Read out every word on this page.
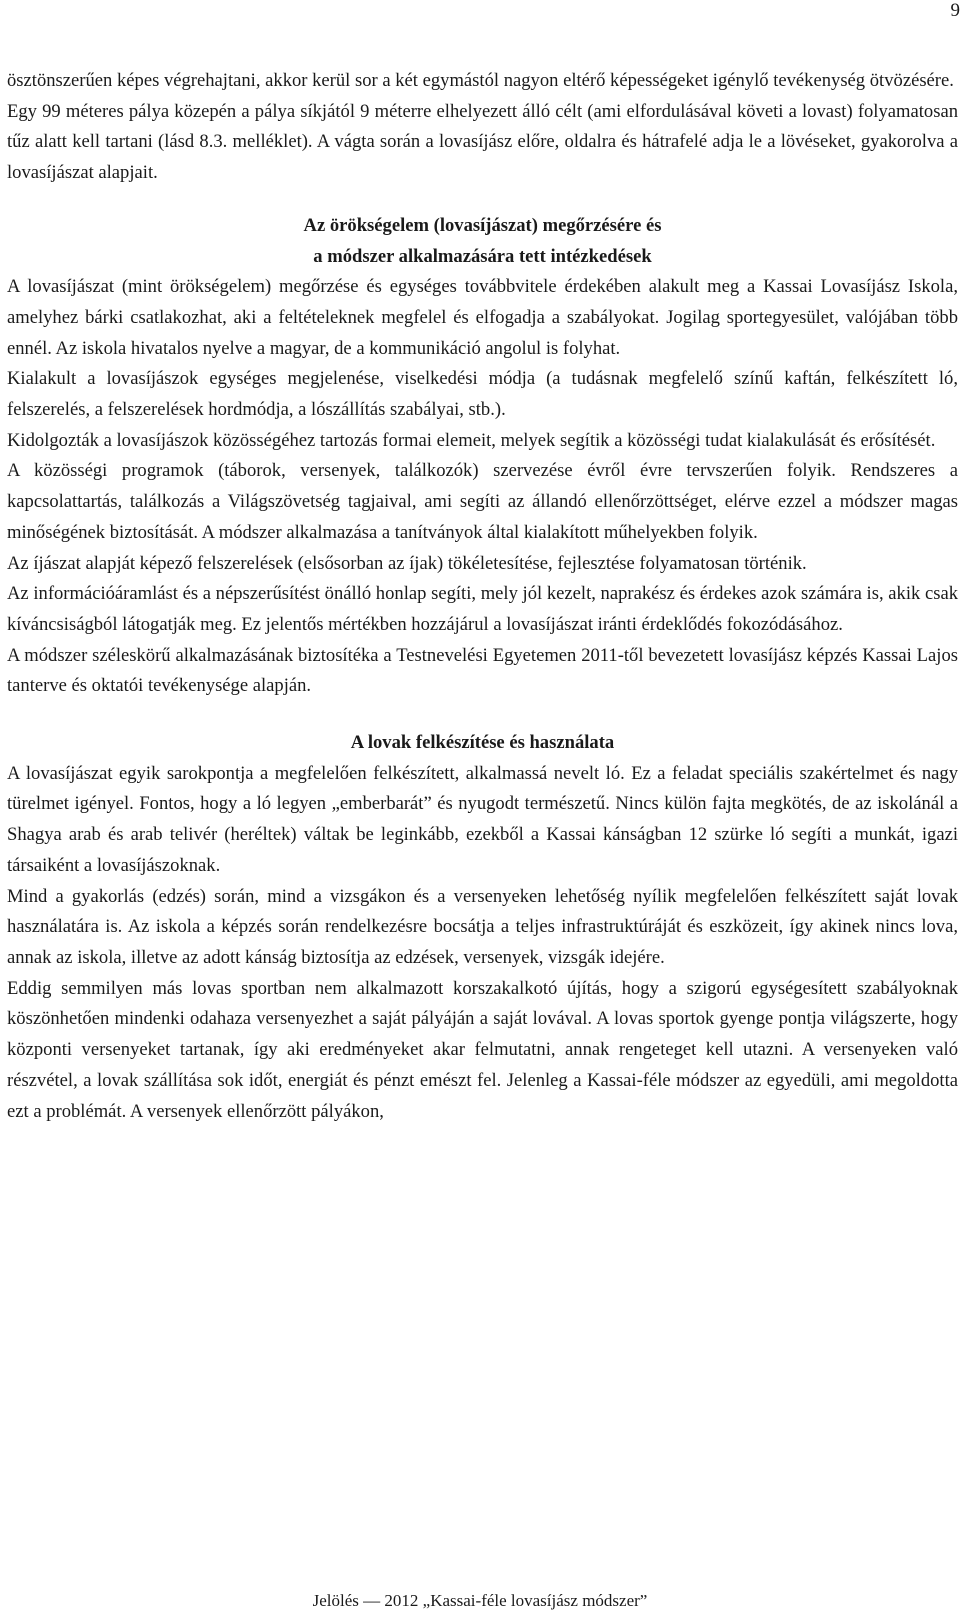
9

ösztönszerűen képes végrehajtani, akkor kerül sor a két egymástól nagyon eltérő képességeket igénylő tevékenység ötvözésére.

Egy 99 méteres pálya közepén a pálya síkjától 9 méterre elhelyezett álló célt (ami elfordulásával követi a lovast) folyamatosan tűz alatt kell tartani (lásd 8.3. melléklet). A vágta során a lovasíjász előre, oldalra és hátrafelé adja le a lövéseket, gyakorolva a lovasíjászat alapjait.

Az örökségelem (lovasíjászat) megőrzésére és
a módszer alkalmazására tett intézkedések

A lovasíjászat (mint örökségelem) megőrzése és egységes továbbvitele érdekében alakult meg a Kassai Lovasíjász Iskola, amelyhez bárki csatlakozhat, aki a feltételeknek megfelel és elfogadja a szabályokat. Jogilag sportegyesület, valójában több ennél. Az iskola hivatalos nyelve a magyar, de a kommunikáció angolul is folyhat.

Kialakult a lovasíjászok egységes megjelenése, viselkedési módja (a tudásnak megfelelő színű kaftán, felkészített ló, felszerelés, a felszerelések hordmódja, a lószállítás szabályai, stb.).

Kidolgozták a lovasíjászok közösségéhez tartozás formai elemeit, melyek segítik a közösségi tudat kialakulását és erősítését.

A közösségi programok (táborok, versenyek, találkozók) szervezése évről évre tervszerűen folyik. Rendszeres a kapcsolattartás, találkozás a Világszövetség tagjaival, ami segíti az állandó ellenőrzöttséget, elérve ezzel a módszer magas minőségének biztosítását. A módszer alkalmazása a tanítványok által kialakított műhelyekben folyik.

Az íjászat alapját képező felszerelések (elsősorban az íjak) tökéletesítése, fejlesztése folyamatosan történik.

Az információáramlást és a népszerűsítést önálló honlap segíti, mely jól kezelt, naprakész és érdekes azok számára is, akik csak kíváncsiságból látogatják meg. Ez jelentős mértékben hozzájárul a lovasíjászat iránti érdeklődés fokozódásához.

A módszer széleskörű alkalmazásának biztosítéka a Testnevelési Egyetemen 2011-től bevezetett lovasíjász képzés Kassai Lajos tanterve és oktatói tevékenysége alapján.

A lovak felkészítése és használata

A lovasíjászat egyik sarokpontja a megfelelően felkészített, alkalmassá nevelt ló. Ez a feladat speciális szakértelmet és nagy türelmet igényel. Fontos, hogy a ló legyen „emberbarát” és nyugodt természetű. Nincs külön fajta megkötés, de az iskolánál a Shagya arab és arab telivér (heréltek) váltak be leginkább, ezekből a Kassai kánságban 12 szürke ló segíti a munkát, igazi társaiként a lovasíjászoknak.

Mind a gyakorlás (edzés) során, mind a vizsgákon és a versenyeken lehetőség nyílik megfelelően felkészített saját lovak használatára is. Az iskola a képzés során rendelkezésre bocsátja a teljes infrastruktúráját és eszközeit, így akinek nincs lova, annak az iskola, illetve az adott kánság biztosítja az edzések, versenyek, vizsgák idejére.

Eddig semmilyen más lovas sportban nem alkalmazott korszakalkotó újítás, hogy a szigorú egységesített szabályoknak köszönhetően mindenki odahaza versenyezhet a saját pályáján a saját lovával. A lovas sportok gyenge pontja világszerte, hogy központi versenyeket tartanak, így aki eredményeket akar felmutatni, annak rengeteget kell utazni. A versenyeken való részvétel, a lovak szállítása sok időt, energiát és pénzt emészt fel. Jelenleg a Kassai-féle módszer az egyedüli, ami megoldotta ezt a problémát. A versenyek ellenőrzött pályákon,

Jelölés — 2012 „Kassai-féle lovasíjász módszer”
